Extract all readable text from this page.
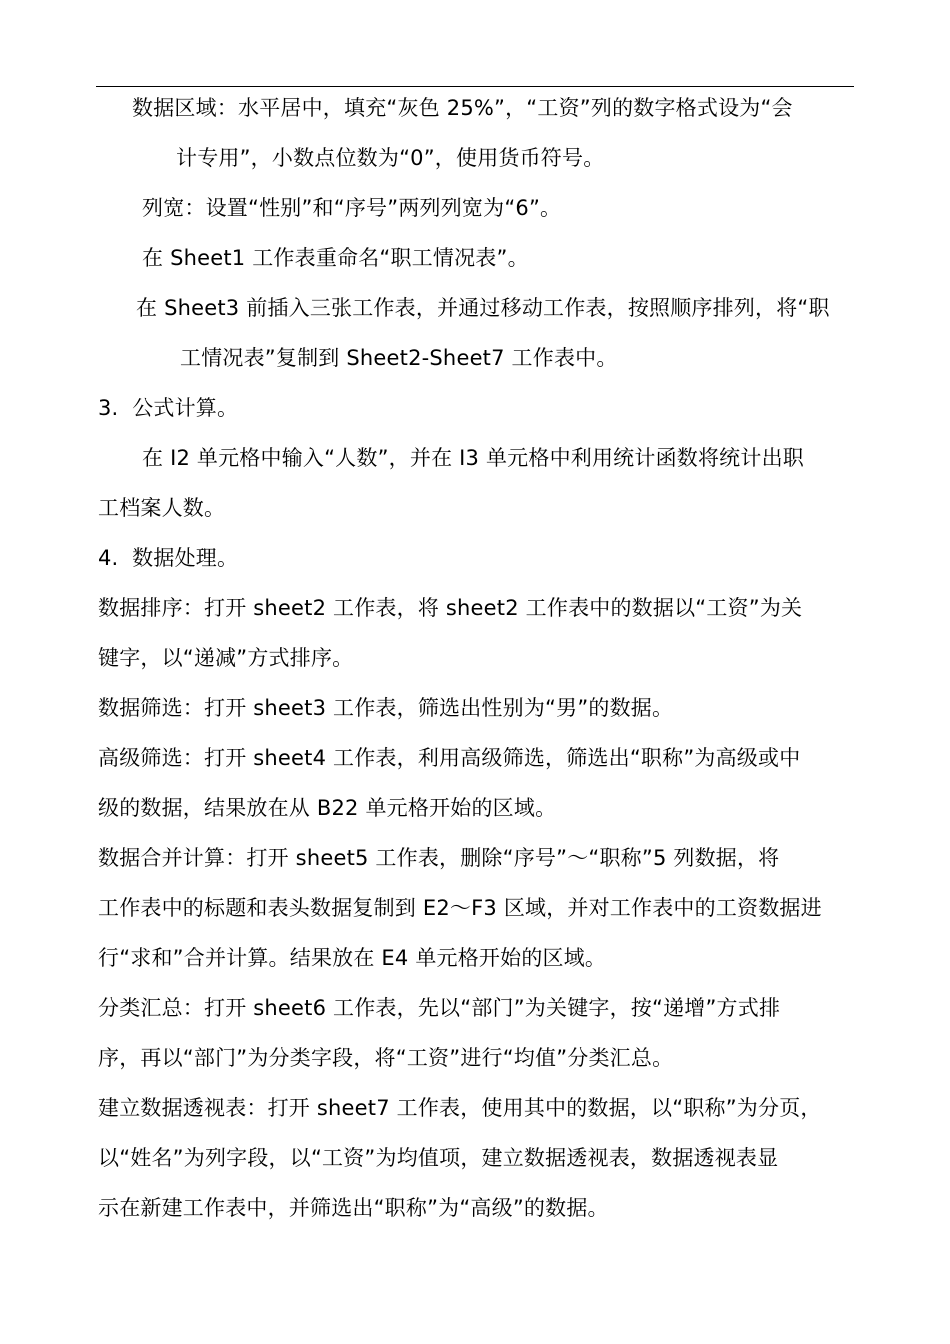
数据区域：水平居中，填充“灰色 25%”，“工资”列的数字格式设为“会
计专用”，小数点位数为“0”，使用货币符号。
列宽：设置“性别”和“序号”两列列宽为“6”。
在 Sheet1 工作表重命名“职工情况表”。
在 Sheet3 前插入三张工作表，并通过移动工作表，按照顺序排列，将“职
工情况表”复制到 Sheet2-Sheet7 工作表中。
3.  公式计算。
在 I2 单元格中输入“人数”，并在 I3 单元格中利用统计函数将统计出职
工档案人数。
4.  数据处理。
数据排序：打开 sheet2 工作表，将 sheet2 工作表中的数据以“工资”为关
键字，以“递减”方式排序。
数据筛选：打开 sheet3 工作表，筛选出性别为“男”的数据。
高级筛选：打开 sheet4 工作表，利用高级筛选，筛选出“职称”为高级或中
级的数据，结果放在从 B22 单元格开始的区域。
数据合并计算：打开 sheet5 工作表，删除“序号”～“职称”5 列数据，将
工作表中的标题和表头数据复制到 E2～F3 区域，并对工作表中的工资数据进
行“求和”合并计算。结果放在 E4 单元格开始的区域。
分类汇总：打开 sheet6 工作表，先以“部门”为关键字，按“递增”方式排
序，再以“部门”为分类字段，将“工资”进行“均值”分类汇总。
建立数据透视表：打开 sheet7 工作表，使用其中的数据，以“职称”为分页，
以“姓名”为列字段，以“工资”为均值项，建立数据透视表，数据透视表显
示在新建工作表中，并筛选出“职称”为“高级”的数据。
